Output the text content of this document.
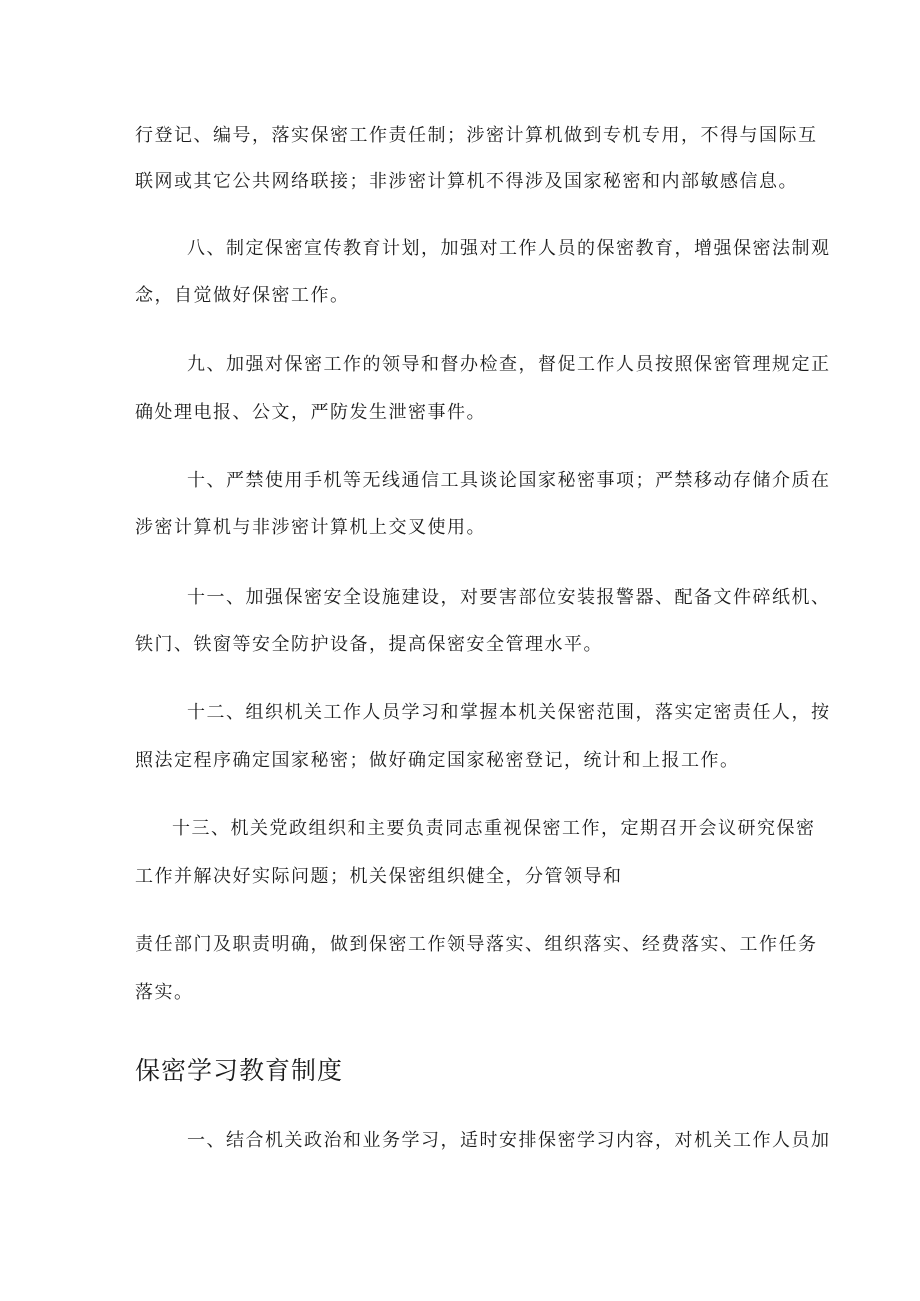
行登记、编号，落实保密工作责任制；涉密计算机做到专机专用，不得与国际互
联网或其它公共网络联接；非涉密计算机不得涉及国家秘密和内部敏感信息。
八、制定保密宣传教育计划，加强对工作人员的保密教育，增强保密法制观
念，自觉做好保密工作。
九、加强对保密工作的领导和督办检查，督促工作人员按照保密管理规定正
确处理电报、公文，严防发生泄密事件。
十、严禁使用手机等无线通信工具谈论国家秘密事项；严禁移动存储介质在
涉密计算机与非涉密计算机上交叉使用。
十一、加强保密安全设施建设，对要害部位安装报警器、配备文件碎纸机、
铁门、铁窗等安全防护设备，提高保密安全管理水平。
十二、组织机关工作人员学习和掌握本机关保密范围，落实定密责任人，按
照法定程序确定国家秘密；做好确定国家秘密登记，统计和上报工作。
十三、机关党政组织和主要负责同志重视保密工作，定期召开会议研究保密
工作并解决好实际问题；机关保密组织健全，分管领导和
责任部门及职责明确，做到保密工作领导落实、组织落实、经费落实、工作任务
落实。
保密学习教育制度
一、结合机关政治和业务学习，适时安排保密学习内容，对机关工作人员加
